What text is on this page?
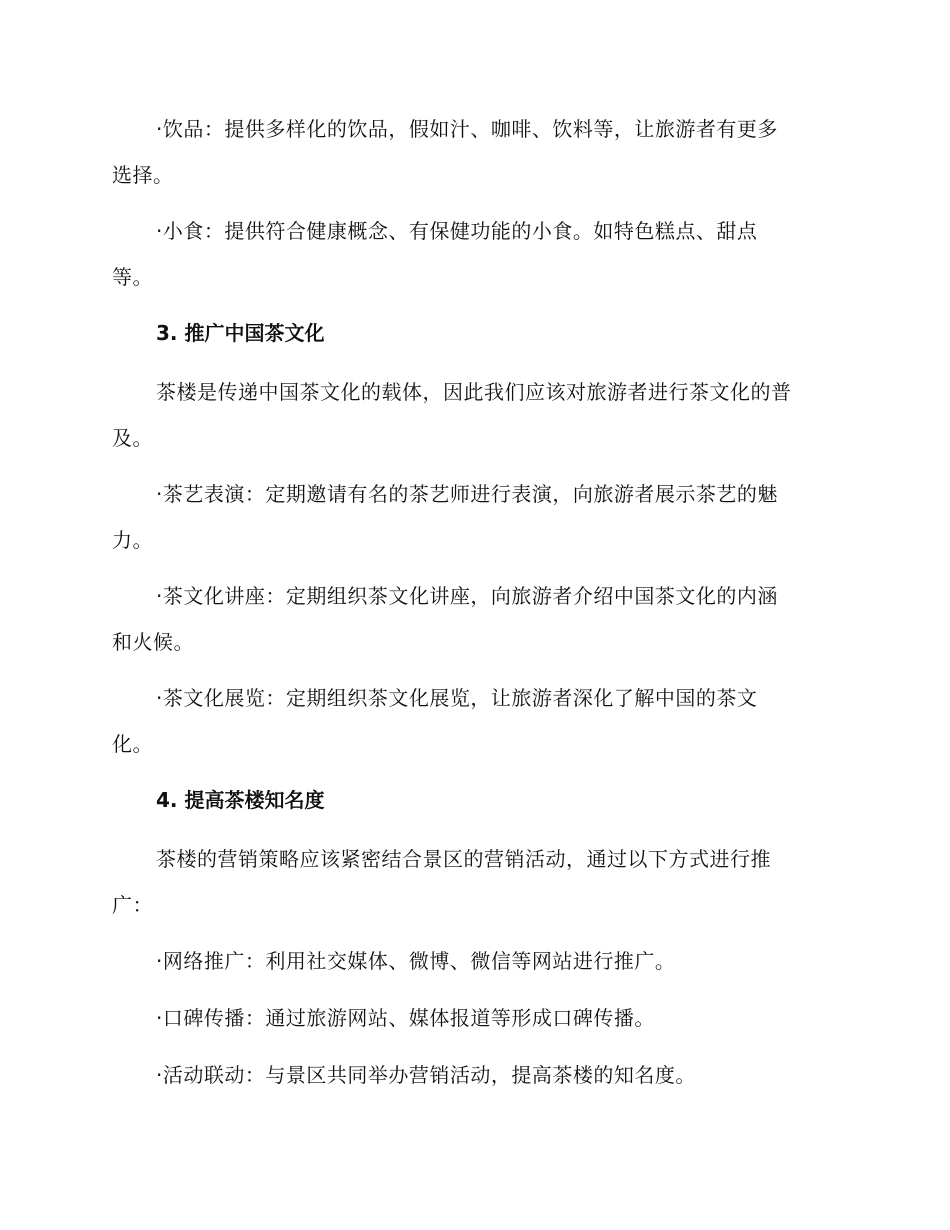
·饮品：提供多样化的饮品，假如汁、咖啡、饮料等，让旅游者有更多
选择。

·小食：提供符合健康概念、有保健功能的小食。如特色糕点、甜点
等。

3. 推广中国茶文化

茶楼是传递中国茶文化的载体，因此我们应该对旅游者进行茶文化的普
及。

·茶艺表演：定期邀请有名的茶艺师进行表演，向旅游者展示茶艺的魅
力。

·茶文化讲座：定期组织茶文化讲座，向旅游者介绍中国茶文化的内涵
和火候。

·茶文化展览：定期组织茶文化展览，让旅游者深化了解中国的茶文
化。

4. 提高茶楼知名度

茶楼的营销策略应该紧密结合景区的营销活动，通过以下方式进行推
广：

·网络推广：利用社交媒体、微博、微信等网站进行推广。

·口碑传播：通过旅游网站、媒体报道等形成口碑传播。

·活动联动：与景区共同举办营销活动，提高茶楼的知名度。
